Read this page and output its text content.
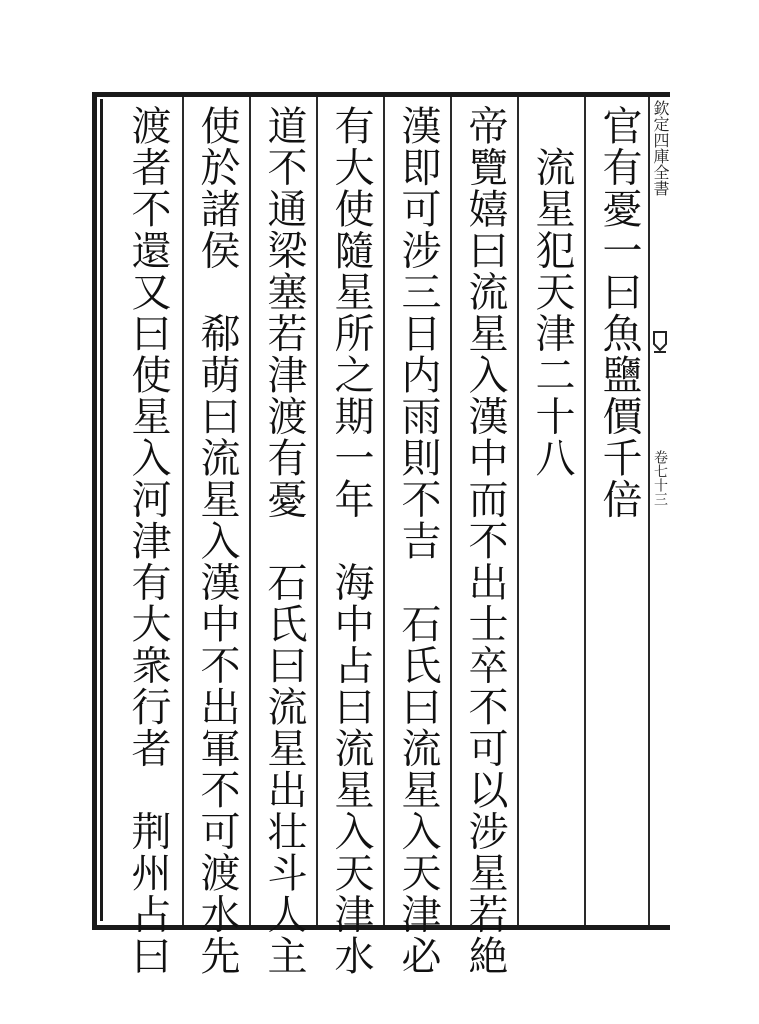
欽定四庫全書
卷七十三
官有憂一曰魚鹽價千倍
　流星犯天津二十八
帝覽嬉曰流星入漢中而不出士卒不可以涉星若絶
漢即可涉三日内雨則不吉　石氏曰流星入天津必
有大使隨星所之期一年　海中占曰流星入天津水
道不通梁塞若津渡有憂　石氏曰流星出壮斗人主
使於諸侯　郗萌曰流星入漢中不出軍不可渡水先
渡者不還又曰使星入河津有大衆行者　荆州占曰
